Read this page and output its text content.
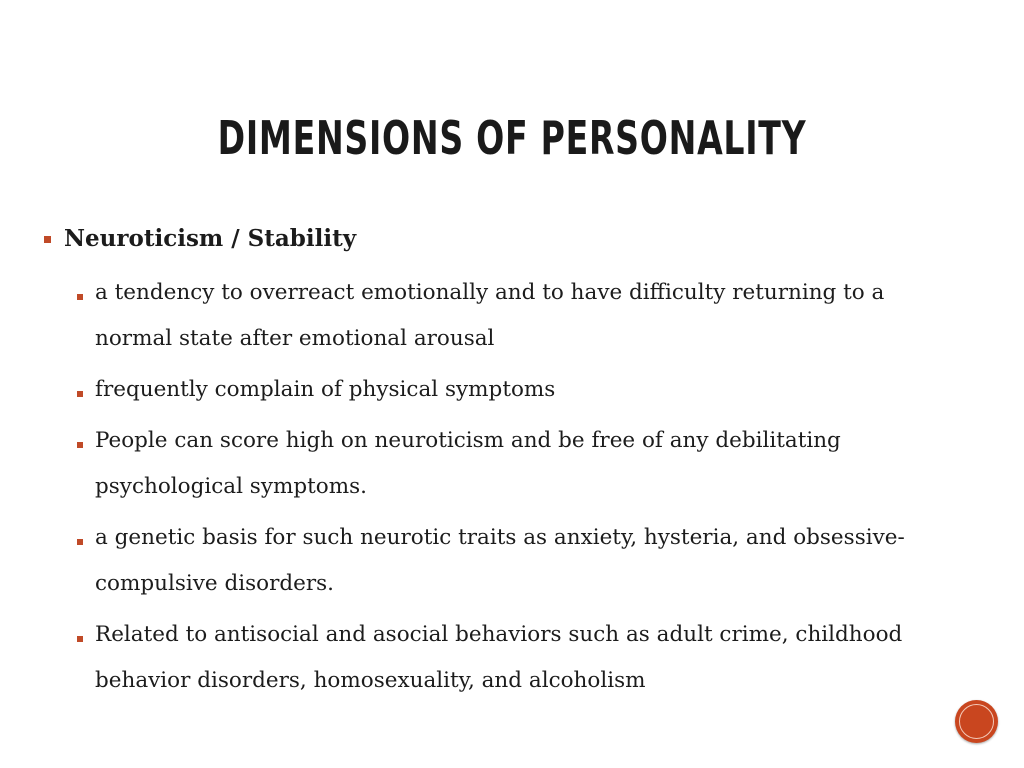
DIMENSIONS OF PERSONALITY
Neuroticism / Stability
a tendency to overreact emotionally and to have difficulty returning to a normal state after emotional arousal
frequently complain of physical symptoms
People can score high on neuroticism and be free of any debilitating psychological symptoms.
a genetic basis for such neurotic traits as anxiety, hysteria, and obsessive-compulsive disorders.
Related to antisocial and asocial behaviors such as adult crime, childhood behavior disorders, homosexuality, and alcoholism
